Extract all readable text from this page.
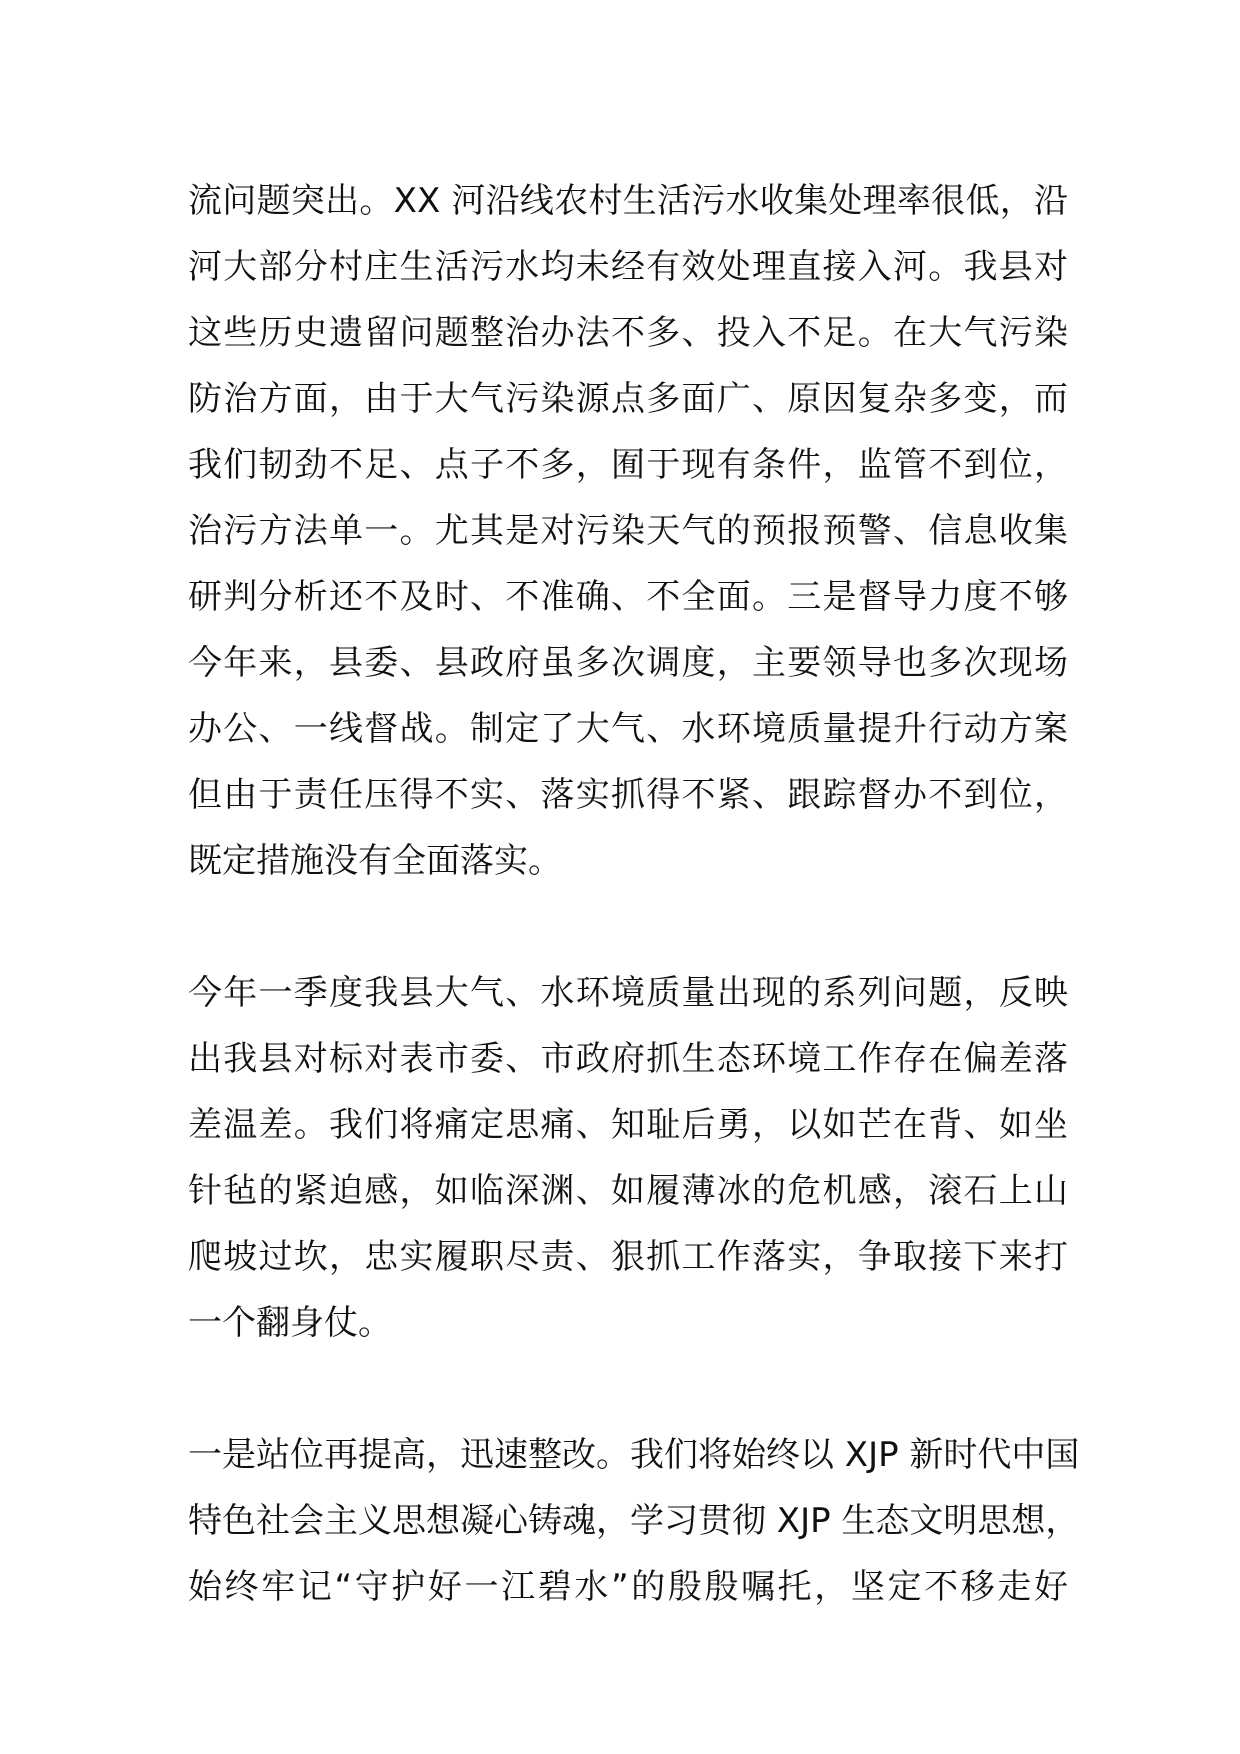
流问题突出。XX 河沿线农村生活污水收集处理率很低，沿
河大部分村庄生活污水均未经有效处理直接入河。我县对
这些历史遗留问题整治办法不多、投入不足。在大气污染
防治方面，由于大气污染源点多面广、原因复杂多变，而
我们韧劲不足、点子不多，囿于现有条件，监管不到位，
治污方法单一。尤其是对污染天气的预报预警、信息收集
研判分析还不及时、不准确、不全面。三是督导力度不够
今年来，县委、县政府虽多次调度，主要领导也多次现场
办公、一线督战。制定了大气、水环境质量提升行动方案
但由于责任压得不实、落实抓得不紧、跟踪督办不到位，
既定措施没有全面落实。
今年一季度我县大气、水环境质量出现的系列问题，反映
出我县对标对表市委、市政府抓生态环境工作存在偏差落
差温差。我们将痛定思痛、知耻后勇，以如芒在背、如坐
针毡的紧迫感，如临深渊、如履薄冰的危机感，滚石上山
爬坡过坎，忠实履职尽责、狠抓工作落实，争取接下来打
一个翻身仗。
一是站位再提高，迅速整改。我们将始终以 XJP 新时代中国
特色社会主义思想凝心铸魂，学习贯彻 XJP 生态文明思想，
始终牢记“守护好一江碧水”的殷殷嘱托，坚定不移走好
